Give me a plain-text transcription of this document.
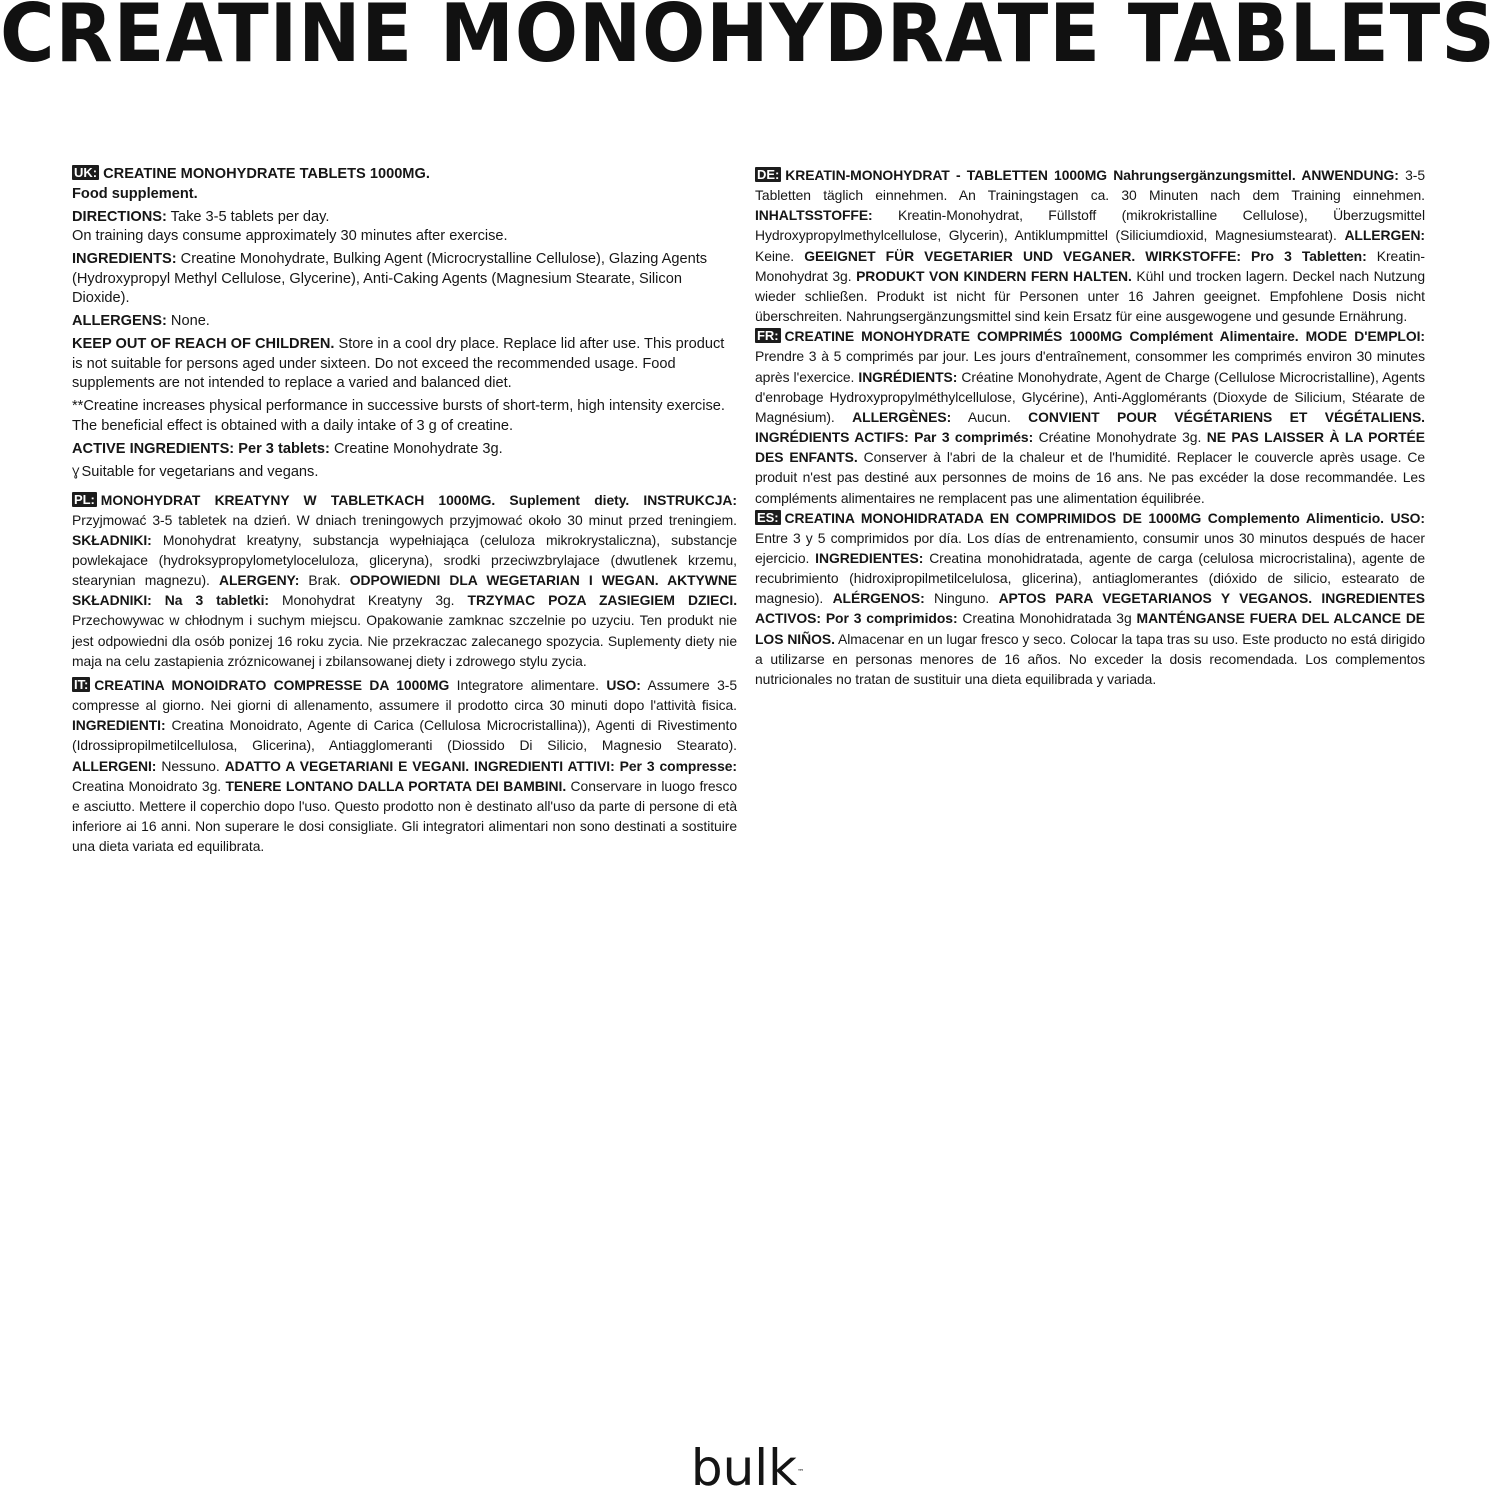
CREATINE MONOHYDRATE TABLETS

UK: CREATINE MONOHYDRATE TABLETS 1000MG.
Food supplement.

DIRECTIONS: Take 3-5 tablets per day.
On training days consume approximately 30 minutes after exercise.

INGREDIENTS: Creatine Monohydrate, Bulking Agent (Microcrystalline Cellulose), Glazing Agents (Hydroxypropyl Methyl Cellulose, Glycerine), Anti-Caking Agents (Magnesium Stearate, Silicon Dioxide).

ALLERGENS: None.

KEEP OUT OF REACH OF CHILDREN. Store in a cool dry place. Replace lid after use. This product is not suitable for persons aged under sixteen. Do not exceed the recommended usage. Food supplements are not intended to replace a varied and balanced diet.

**Creatine increases physical performance in successive bursts of short-term, high intensity exercise. The beneficial effect is obtained with a daily intake of 3 g of creatine.

ACTIVE INGREDIENTS: Per 3 tablets: Creatine Monohydrate 3g.

Ɣ Suitable for vegetarians and vegans.

PL: MONOHYDRAT KREATYNY W TABLETKACH 1000MG. Suplement diety. INSTRUKCJA: Przyjmować 3-5 tabletek na dzień. W dniach treningowych przyjmować około 30 minut przed treningiem. SKŁADNIKI: Monohydrat kreatyny, substancja wypełniająca (celuloza mikrokrystaliczna), substancje powlekajace (hydroksypropylometyloceluloza, gliceryna), srodki przeciwzbrylajace (dwutlenek krzemu, stearynian magnezu). ALERGENY: Brak. ODPOWIEDNI DLA WEGETARIAN I WEGAN. AKTYWNE SKŁADNIKI: Na 3 tabletki: Monohydrat Kreatyny 3g. TRZYMAC POZA ZASIEGIEM DZIECI. Przechowywac w chłodnym i suchym miejscu. Opakowanie zamknac szczelnie po uzyciu. Ten produkt nie jest odpowiedni dla osób ponizej 16 roku zycia. Nie przekraczac zalecanego spozycia. Suplementy diety nie maja na celu zastapienia zróznicowanej i zbilansowanej diety i zdrowego stylu zycia.

IT: CREATINA MONOIDRATO COMPRESSE DA 1000MG Integratore alimentare. USO: Assumere 3-5 compresse al giorno. Nei giorni di allenamento, assumere il prodotto circa 30 minuti dopo l'attività fisica. INGREDIENTI: Creatina Monoidrato, Agente di Carica (Cellulosa Microcristallina)), Agenti di Rivestimento (Idrossipropilmetilcellulosa, Glicerina), Antiagglomeranti (Diossido Di Silicio, Magnesio Stearato). ALLERGENI: Nessuno. ADATTO A VEGETARIANI E VEGANI. INGREDIENTI ATTIVI: Per 3 compresse: Creatina Monoidrato 3g. TENERE LONTANO DALLA PORTATA DEI BAMBINI. Conservare in luogo fresco e asciutto. Mettere il coperchio dopo l'uso. Questo prodotto non è destinato all'uso da parte di persone di età inferiore ai 16 anni. Non superare le dosi consigliate. Gli integratori alimentari non sono destinati a sostituire una dieta variata ed equilibrata.

DE: KREATIN-MONOHYDRAT - TABLETTEN 1000MG Nahrungsergänzungsmittel. ANWENDUNG: 3-5 Tabletten täglich einnehmen. An Trainingstagen ca. 30 Minuten nach dem Training einnehmen. INHALTSSTOFFE: Kreatin-Monohydrat, Füllstoff (mikrokristalline Cellulose), Überzugsmittel Hydroxypropylmethylcellulose, Glycerin), Antiklumpmittel (Siliciumdioxid, Magnesiumstearat). ALLERGEN: Keine. GEEIGNET FÜR VEGETARIER UND VEGANER. WIRKSTOFFE: Pro 3 Tabletten: Kreatin-Monohydrat 3g. PRODUKT VON KINDERN FERN HALTEN. Kühl und trocken lagern. Deckel nach Nutzung wieder schließen. Produkt ist nicht für Personen unter 16 Jahren geeignet. Empfohlene Dosis nicht überschreiten. Nahrungsergänzungsmittel sind kein Ersatz für eine ausgewogene und gesunde Ernährung.

FR: CREATINE MONOHYDRATE COMPRIMÉS 1000MG Complément Alimentaire. MODE D'EMPLOI: Prendre 3 à 5 comprimés par jour. Les jours d'entraînement, consommer les comprimés environ 30 minutes après l'exercice. INGRÉDIENTS: Créatine Monohydrate, Agent de Charge (Cellulose Microcristalline), Agents d'enrobage Hydroxypropylméthylcellulose, Glycérine), Anti-Agglomérants (Dioxyde de Silicium, Stéarate de Magnésium). ALLERGÈNES: Aucun. CONVIENT POUR VÉGÉTARIENS ET VÉGÉTALIENS. INGRÉDIENTS ACTIFS: Par 3 comprimés: Créatine Monohydrate 3g. NE PAS LAISSER À LA PORTÉE DES ENFANTS. Conserver à l'abri de la chaleur et de l'humidité. Replacer le couvercle après usage. Ce produit n'est pas destiné aux personnes de moins de 16 ans. Ne pas excéder la dose recommandée. Les compléments alimentaires ne remplacent pas une alimentation équilibrée.

ES: CREATINA MONOHIDRATADA EN COMPRIMIDOS DE 1000MG Complemento Alimenticio. USO: Entre 3 y 5 comprimidos por día. Los días de entrenamiento, consumir unos 30 minutos después de hacer ejercicio. INGREDIENTES: Creatina monohidratada, agente de carga (celulosa microcristalina), agente de recubrimiento (hidroxipropilmetilcelulosa, glicerina), antiaglomerantes (dióxido de silicio, estearato de magnesio). ALÉRGENOS: Ninguno. APTOS PARA VEGETARIANOS Y VEGANOS. INGREDIENTES ACTIVOS: Por 3 comprimidos: Creatina Monohidratada 3g MANTÉNGANSE FUERA DEL ALCANCE DE LOS NIÑOS. Almacenar en un lugar fresco y seco. Colocar la tapa tras su uso. Este producto no está dirigido a utilizarse en personas menores de 16 años. No exceder la dosis recomendada. Los complementos nutricionales no tratan de sustituir una dieta equilibrada y variada.

bulk™
